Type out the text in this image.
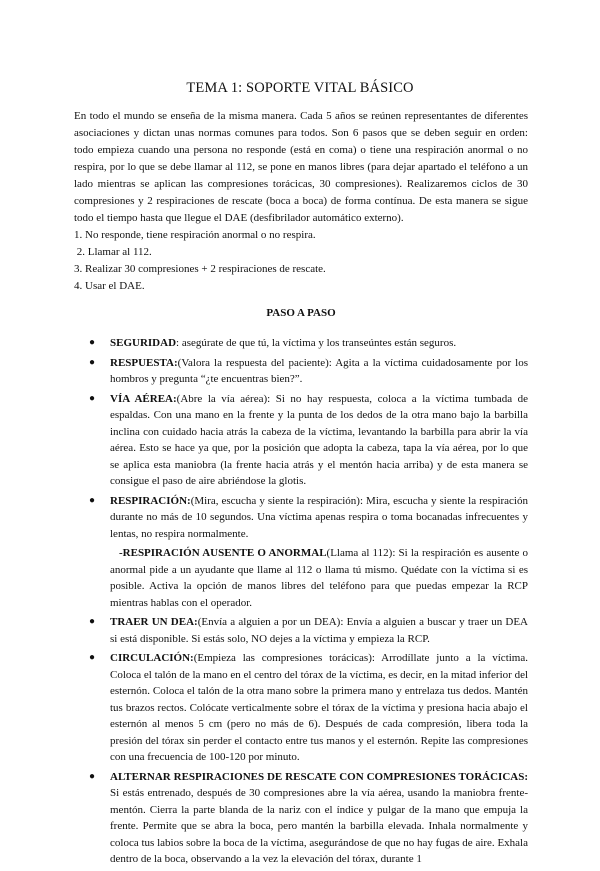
TEMA 1: SOPORTE VITAL BÁSICO

En todo el mundo se enseña de la misma manera. Cada 5 años se reúnen representantes de diferentes asociaciones y dictan unas normas comunes para todos. Son 6 pasos que se deben seguir en orden: todo empieza cuando una persona no responde (está en coma) o tiene una respiración anormal o no respira, por lo que se debe llamar al 112, se pone en manos libres (para dejar apartado el teléfono a un lado mientras se aplican las compresiones torácicas, 30 compresiones). Realizaremos ciclos de 30 compresiones y 2 respiraciones de rescate (boca a boca) de forma contínua. De esta manera se sigue todo el tiempo hasta que llegue el DAE (desfibrilador automático externo).

1. No responde, tiene respiración anormal o no respira.
2. Llamar al 112.
3. Realizar 30 compresiones + 2 respiraciones de rescate.
4. Usar el DAE.
PASO A PASO
● SEGURIDAD: asegúrate de que tú, la víctima y los transeúntes están seguros.
● RESPUESTA:(Valora la respuesta del paciente): Agita a la víctima cuidadosamente por los hombros y pregunta “¿te encuentras bien?”.
● VÍA AÉREA:(Abre la vía aérea): Si no hay respuesta, coloca a la víctima tumbada de espaldas. Con una mano en la frente y la punta de los dedos de la otra mano bajo la barbilla inclina con cuidado hacia atrás la cabeza de la víctima, levantando la barbilla para abrir la vía aérea. Esto se hace ya que, por la posición que adopta la cabeza, tapa la vía aérea, por lo que se aplica esta maniobra (la frente hacia atrás y el mentón hacia arriba) y de esta manera se consigue el paso de aire abriéndose la glotis.
● RESPIRACIÓN:(Mira, escucha y siente la respiración): Mira, escucha y siente la respiración durante no más de 10 segundos. Una víctima apenas respira o toma bocanadas infrecuentes y lentas, no respira normalmente.

-RESPIRACIÓN AUSENTE O ANORMAL(Llama al 112): Si la respiración es ausente o anormal pide a un ayudante que llame al 112 o llama tú mismo. Quédate con la víctima si es posible. Activa la opción de manos libres del teléfono para que puedas empezar la RCP mientras hablas con el operador.

● TRAER UN DEA:(Envía a alguien a por un DEA): Envía a alguien a buscar y traer un DEA si está disponible. Si estás solo, NO dejes a la víctima y empieza la RCP.
● CIRCULACIÓN:(Empieza las compresiones torácicas): Arrodíllate junto a la víctima. Coloca el talón de la mano en el centro del tórax de la víctima, es decir, en la mitad inferior del esternón. Coloca el talón de la otra mano sobre la primera mano y entrelaza tus dedos. Mantén tus brazos rectos. Colócate verticalmente sobre el tórax de la víctima y presiona hacia abajo el esternón al menos 5 cm (pero no más de 6). Después de cada compresión, libera toda la presión del tórax sin perder el contacto entre tus manos y el esternón. Repite las compresiones con una frecuencia de 100-120 por minuto.
● ALTERNAR RESPIRACIONES DE RESCATE CON COMPRESIONES TORÁCICAS: Si estás entrenado, después de 30 compresiones abre la vía aérea, usando la maniobra frente-mentón. Cierra la parte blanda de la nariz con el índice y pulgar de la mano que empuja la frente. Permite que se abra la boca, pero mantén la barbilla elevada. Inhala normalmente y coloca tus labios sobre la boca de la víctima, asegurándose de que no hay fugas de aire. Exhala dentro de la boca, observando a la vez la elevación del tórax, durante 1
